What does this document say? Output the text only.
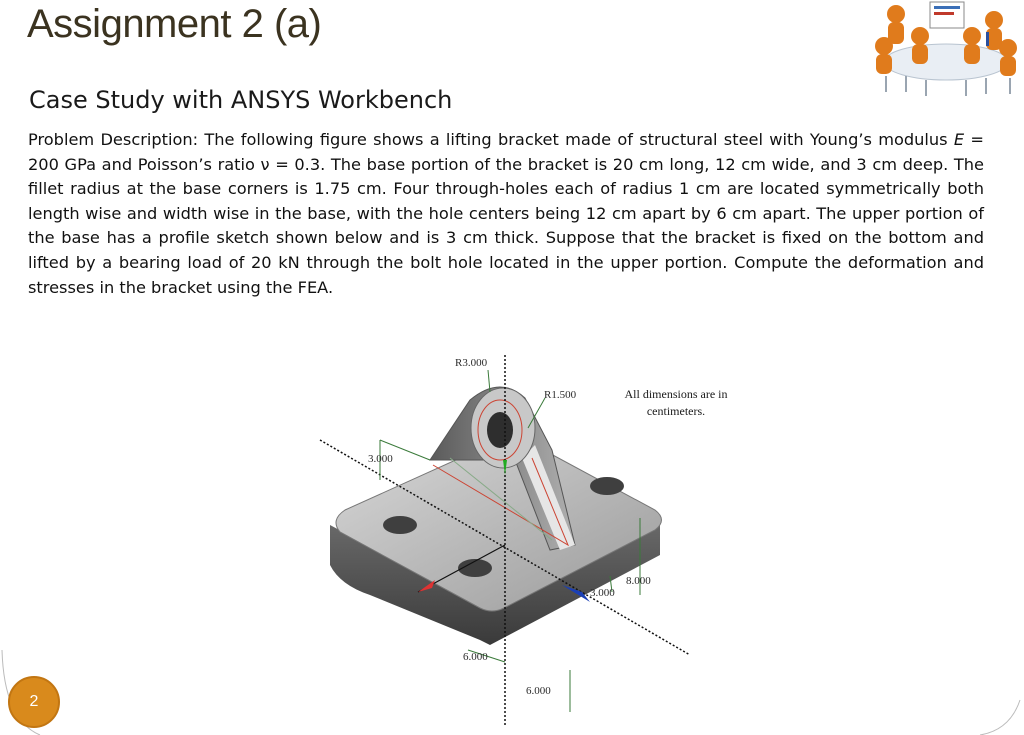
Assignment 2 (a)
Case Study with ANSYS Workbench
Problem Description: The following figure shows a lifting bracket made of structural steel with Young’s modulus E = 200 GPa and Poisson’s ratio ν = 0.3. The base portion of the bracket is 20 cm long, 12 cm wide, and 3 cm deep. The fillet radius at the base corners is 1.75 cm. Four through-holes each of radius 1 cm are located symmetrically both length wise and width wise in the base, with the hole centers being 12 cm apart by 6 cm apart. The upper portion of the base has a profile sketch shown below and is 3 cm thick. Suppose that the bracket is fixed on the bottom and lifted by a bearing load of 20 kN through the bolt hole located in the upper portion. Compute the deformation and stresses in the bracket using the FEA.
R3.000
R1.500
3.000
8.000
3.000
6.000
6.000
All dimensions are in centimeters.
2
